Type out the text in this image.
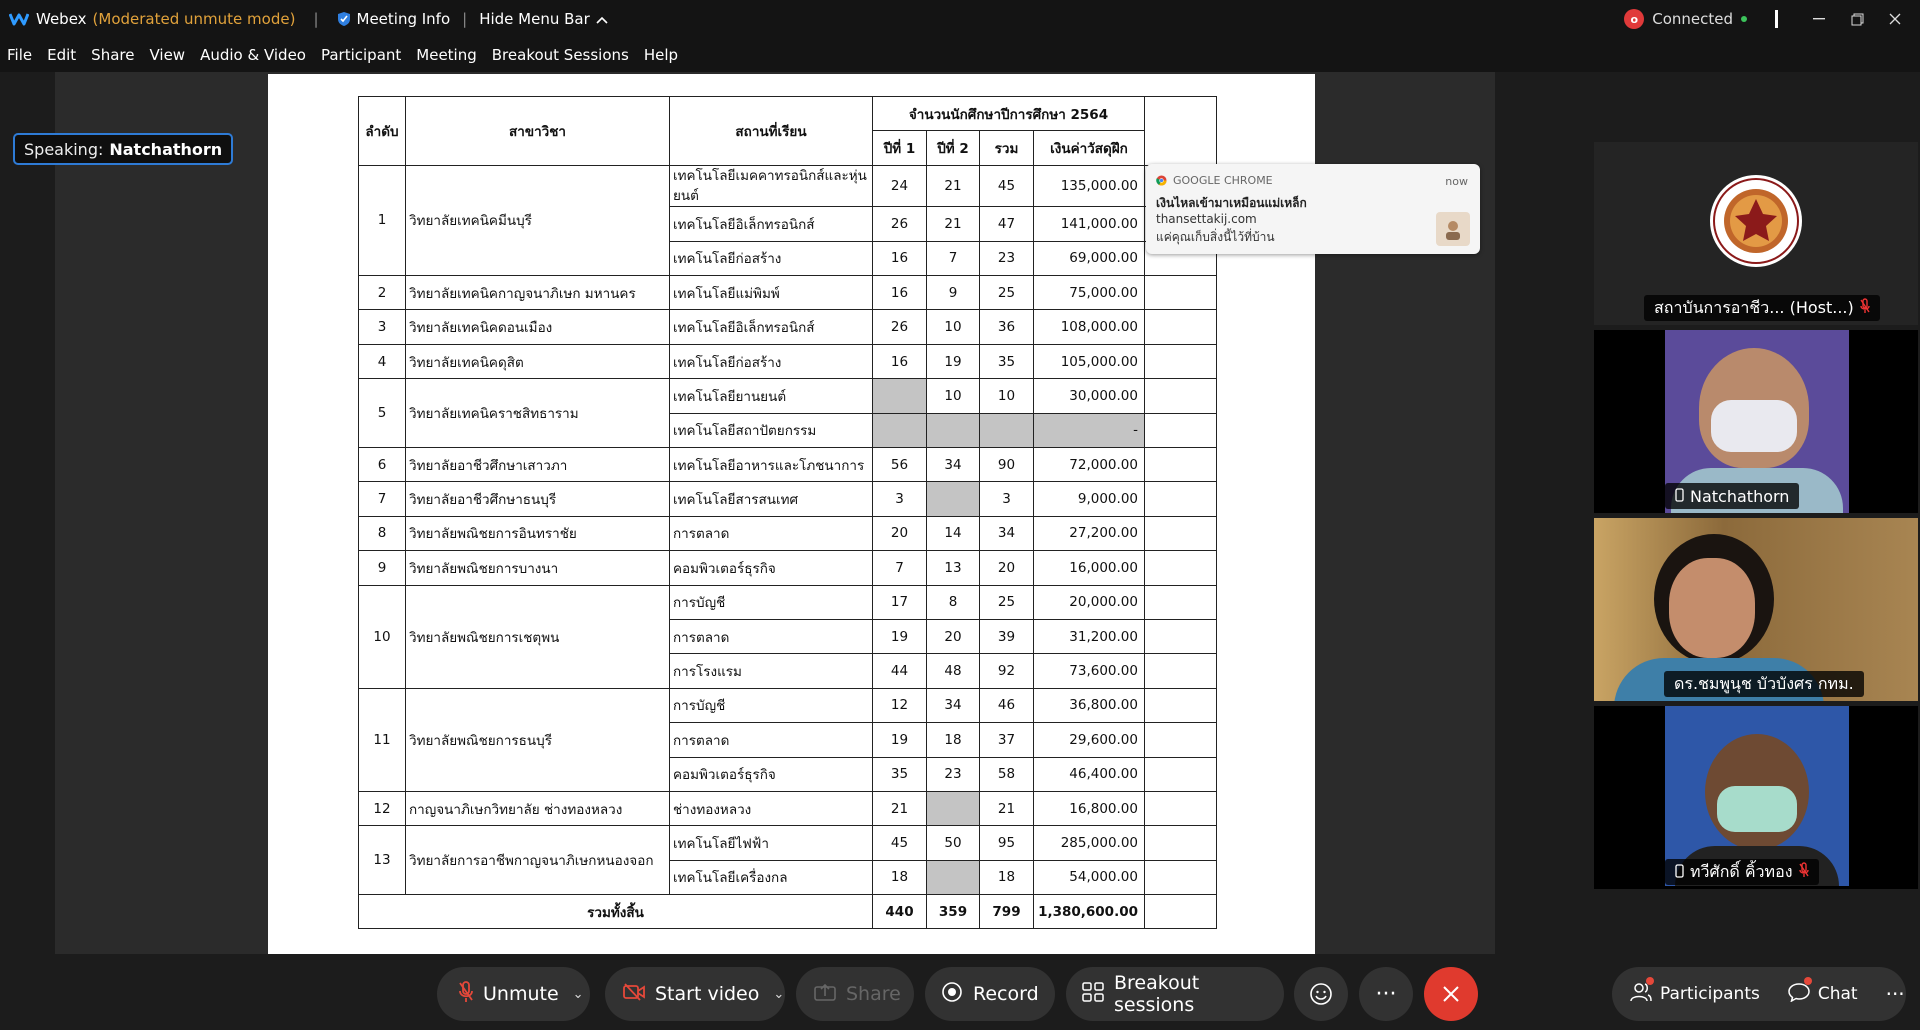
Webex (Moderated unmute mode) |	Meeting Info | Hide Menu Bar	o Connected
File Edit Share View Audio & Video Participant Meeting Breakout Sessions Help
ลำดับ	สาขาวิชา	สถานที่เรียน	จำนวนนักศึกษาปีการศึกษา 2564				
			ปีที่ 1	ปีที่ 2	รวม	เงินค่าวัสดุฝึก	
1	วิทยาลัยเทคนิคมีนบุรี	เทคโนโลยีเมคคาทรอนิกส์และหุ่นยนต์	24	21	45	135,000.00	
		เทคโนโลยีอิเล็กทรอนิกส์	26	21	47	141,000.00	
		เทคโนโลยีก่อสร้าง	16	7	23	69,000.00	
2	วิทยาลัยเทคนิคกาญจนาภิเษก มหานคร	เทคโนโลยีแม่พิมพ์	16	9	25	75,000.00	
3	วิทยาลัยเทคนิคดอนเมือง	เทคโนโลยีอิเล็กทรอนิกส์	26	10	36	108,000.00	
4	วิทยาลัยเทคนิคดุสิต	เทคโนโลยีก่อสร้าง	16	19	35	105,000.00	
5	วิทยาลัยเทคนิคราชสิทธาราม	เทคโนโลยียานยนต์		10	10	30,000.00	
		เทคโนโลยีสถาปัตยกรรม				-	
6	วิทยาลัยอาชีวศึกษาเสาวภา	เทคโนโลยีอาหารและโภชนาการ	56	34	90	72,000.00	
7	วิทยาลัยอาชีวศึกษาธนบุรี	เทคโนโลยีสารสนเทศ	3		3	9,000.00	
8	วิทยาลัยพณิชยการอินทราชัย	การตลาด	20	14	34	27,200.00	
9	วิทยาลัยพณิชยการบางนา	คอมพิวเตอร์ธุรกิจ	7	13	20	16,000.00	
10	วิทยาลัยพณิชยการเชตุพน	การบัญชี	17	8	25	20,000.00	
		การตลาด	19	20	39	31,200.00	
		การโรงแรม	44	48	92	73,600.00	
11	วิทยาลัยพณิชยการธนบุรี	การบัญชี	12	34	46	36,800.00	
		การตลาด	19	18	37	29,600.00	
		คอมพิวเตอร์ธุรกิจ	35	23	58	46,400.00	
12	กาญจนาภิเษกวิทยาลัย ช่างทองหลวง	ช่างทองหลวง	21		21	16,800.00	
13	วิทยาลัยการอาชีพกาญจนาภิเษกหนองจอก	เทคโนโลยีไฟฟ้า	45	50	95	285,000.00	
		เทคโนโลยีเครื่องกล	18		18	54,000.00	
รวมทั้งสิ้น			440	359	799	1,380,600.00	
GOOGLE CHROME	now
เงินไหลเข้ามาเหมือนแม่เหล็ก
thansettakij.com
แค่คุณเก็บสิ่งนี้ไว้ที่บ้าน
Speaking: Natchathorn
สถาบันการอาชีว... (Host...)
Natchathorn
ดร.ชมพูนุช บัวบังศร กทม.
ทวีศักดิ์ คิ้วทอง
Unmute ⌄	Start video ⌄	Share	Record	Breakout sessions	···	Participants	Chat ···
